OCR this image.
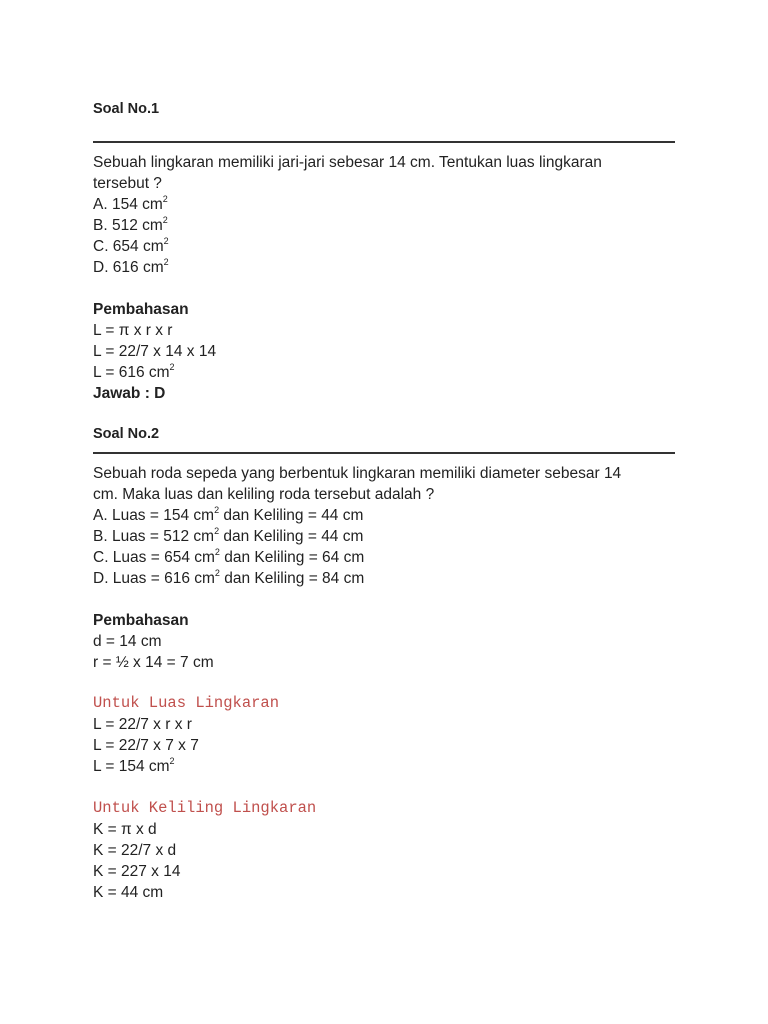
Soal No.1
Sebuah lingkaran memiliki jari-jari sebesar 14 cm. Tentukan luas lingkaran
tersebut ?
A. 154 $cm^2$
B. 512 $cm^2$
C. 654 $cm^2$
D. 616 $cm^2$
Pembahasan
L = π x r x r
L = 22/7 x 14 x 14
L = 616 $cm^2$
Jawab : D
Soal No.2
Sebuah roda sepeda yang berbentuk lingkaran memiliki diameter sebesar 14
cm. Maka luas dan keliling roda tersebut adalah ?
A. Luas = 154 $cm^2$ dan Keliling = 44 cm
B. Luas = 512 $cm^2$ dan Keliling = 44 cm
C. Luas = 654 $cm^2$ dan Keliling = 64 cm
D. Luas = 616 $cm^2$ dan Keliling = 84 cm
Pembahasan
d = 14 cm
r = ½ x 14 = 7 cm
Untuk Luas Lingkaran
L = 22/7 x r x r
L = 22/7 x 7 x 7
L = 154 $cm^2$
Untuk Keliling Lingkaran
K = π x d
K = 22/7 x d
K = 227 x 14
K = 44 cm
